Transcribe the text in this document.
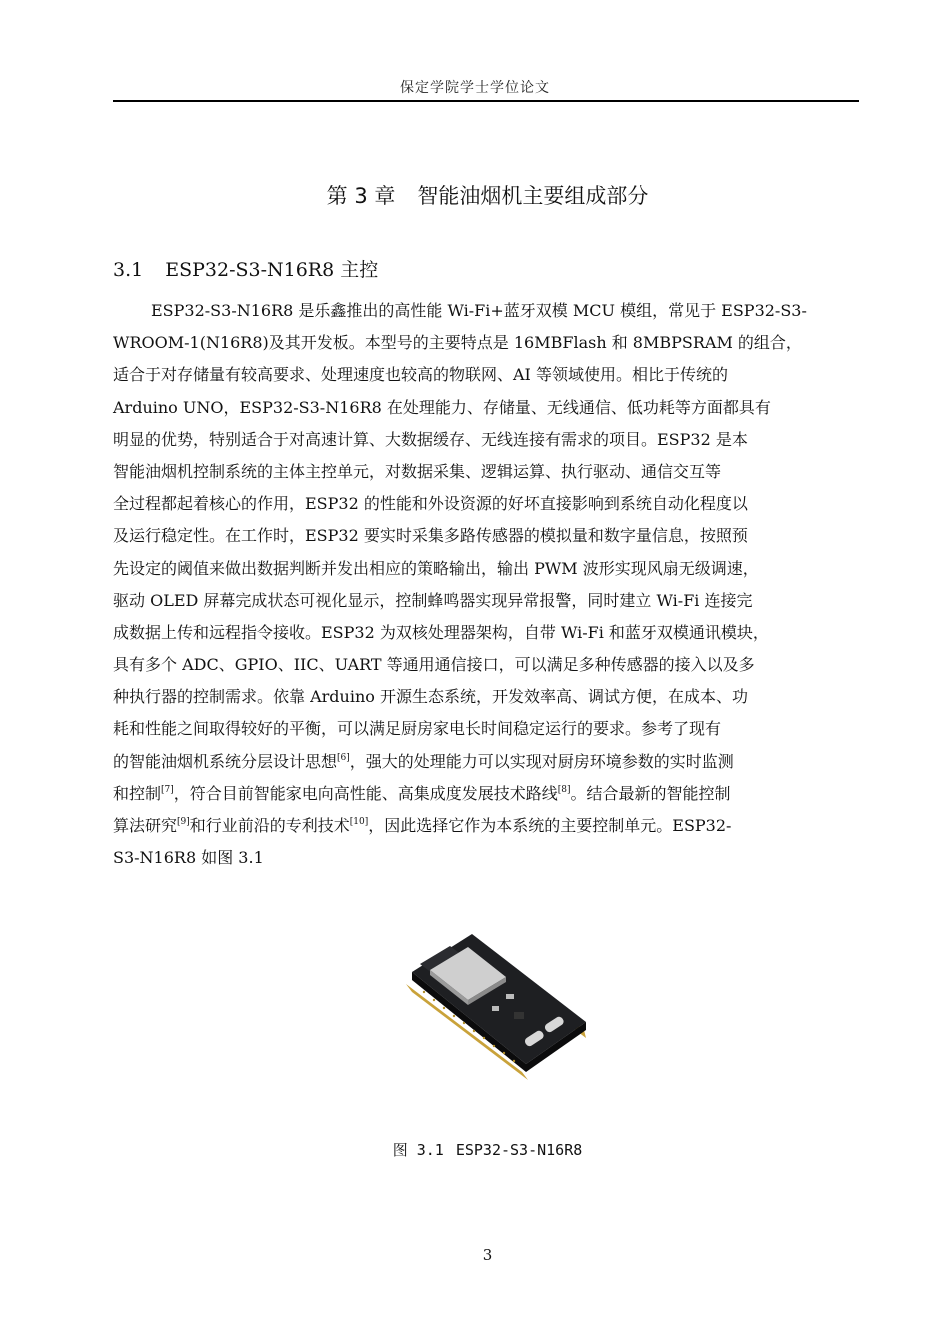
保定学院学士学位论文
第 3 章 智能油烟机主要组成部分
3.1 ESP32-S3-N16R8 主控
ESP32-S3-N16R8 是乐鑫推出的高性能 Wi-Fi+蓝牙双模 MCU 模组，常见于 ESP32-S3-
WROOM-1(N16R8)及其开发板。本型号的主要特点是 16MBFlash 和 8MBPSRAM 的组合，
适合于对存储量有较高要求、处理速度也较高的物联网、AI 等领域使用。相比于传统的
Arduino UNO，ESP32-S3-N16R8 在处理能力、存储量、无线通信、低功耗等方面都具有
明显的优势，特别适合于对高速计算、大数据缓存、无线连接有需求的项目。ESP32 是本
智能油烟机控制系统的主体主控单元，对数据采集、逻辑运算、执行驱动、通信交互等
全过程都起着核心的作用，ESP32 的性能和外设资源的好坏直接影响到系统自动化程度以
及运行稳定性。在工作时，ESP32 要实时采集多路传感器的模拟量和数字量信息，按照预
先设定的阈值来做出数据判断并发出相应的策略输出，输出 PWM 波形实现风扇无级调速，
驱动 OLED 屏幕完成状态可视化显示，控制蜂鸣器实现异常报警，同时建立 Wi-Fi 连接完
成数据上传和远程指令接收。ESP32 为双核处理器架构，自带 Wi-Fi 和蓝牙双模通讯模块，
具有多个 ADC、GPIO、IIC、UART 等通用通信接口，可以满足多种传感器的接入以及多
种执行器的控制需求。依靠 Arduino 开源生态系统，开发效率高、调试方便，在成本、功
耗和性能之间取得较好的平衡，可以满足厨房家电长时间稳定运行的要求。参考了现有
的智能油烟机系统分层设计思想[6]，强大的处理能力可以实现对厨房环境参数的实时监测
和控制[7]，符合目前智能家电向高性能、高集成度发展技术路线[8]。结合最新的智能控制
算法研究[9]和行业前沿的专利技术[10]，因此选择它作为本系统的主要控制单元。ESP32-
S3-N16R8 如图 3.1
图 3.1 ESP32-S3-N16R8
3
